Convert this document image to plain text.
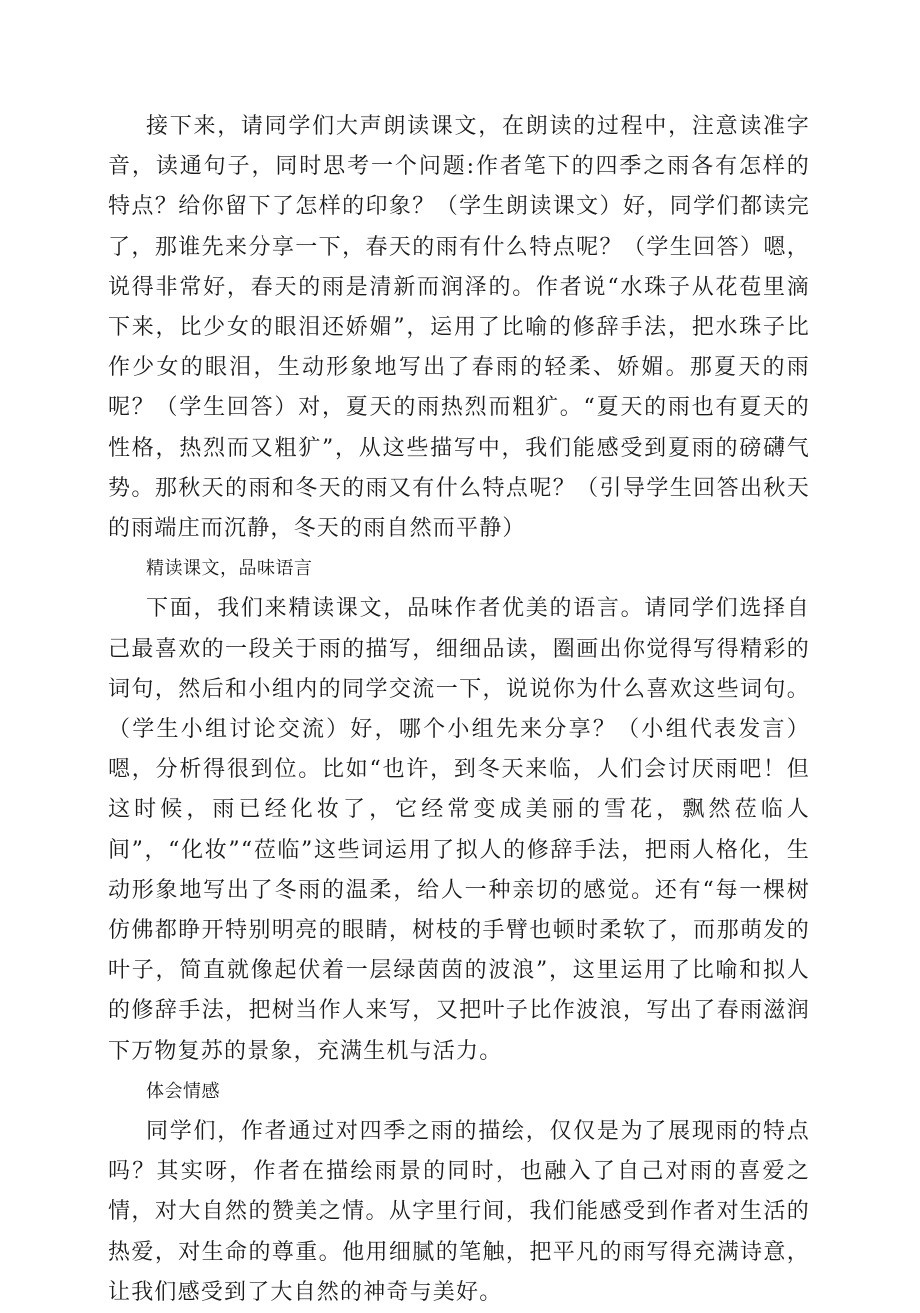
接下来，请同学们大声朗读课文，在朗读的过程中，注意读准字音，读通句子，同时思考一个问题:作者笔下的四季之雨各有怎样的特点？给你留下了怎样的印象？（学生朗读课文）好，同学们都读完了，那谁先来分享一下，春天的雨有什么特点呢？（学生回答）嗯，说得非常好，春天的雨是清新而润泽的。作者说“水珠子从花苞里滴下来，比少女的眼泪还娇媚”，运用了比喻的修辞手法，把水珠子比作少女的眼泪，生动形象地写出了春雨的轻柔、娇媚。那夏天的雨呢？（学生回答）对，夏天的雨热烈而粗犷。“夏天的雨也有夏天的性格，热烈而又粗犷”，从这些描写中，我们能感受到夏雨的磅礴气势。那秋天的雨和冬天的雨又有什么特点呢？（引导学生回答出秋天的雨端庄而沉静，冬天的雨自然而平静）

精读课文，品味语言

下面，我们来精读课文，品味作者优美的语言。请同学们选择自己最喜欢的一段关于雨的描写，细细品读，圈画出你觉得写得精彩的词句，然后和小组内的同学交流一下，说说你为什么喜欢这些词句。（学生小组讨论交流）好，哪个小组先来分享？（小组代表发言）嗯，分析得很到位。比如“也许，到冬天来临，人们会讨厌雨吧！但这时候，雨已经化妆了，它经常变成美丽的雪花，飘然莅临人间”，“化妆”“莅临”这些词运用了拟人的修辞手法，把雨人格化，生动形象地写出了冬雨的温柔，给人一种亲切的感觉。还有“每一棵树仿佛都睁开特别明亮的眼睛，树枝的手臂也顿时柔软了，而那萌发的叶子，简直就像起伏着一层绿茵茵的波浪”，这里运用了比喻和拟人的修辞手法，把树当作人来写，又把叶子比作波浪，写出了春雨滋润下万物复苏的景象，充满生机与活力。

体会情感

同学们，作者通过对四季之雨的描绘，仅仅是为了展现雨的特点吗？其实呀，作者在描绘雨景的同时，也融入了自己对雨的喜爱之情，对大自然的赞美之情。从字里行间，我们能感受到作者对生活的热爱，对生命的尊重。他用细腻的笔触，把平凡的雨写得充满诗意，让我们感受到了大自然的神奇与美好。
